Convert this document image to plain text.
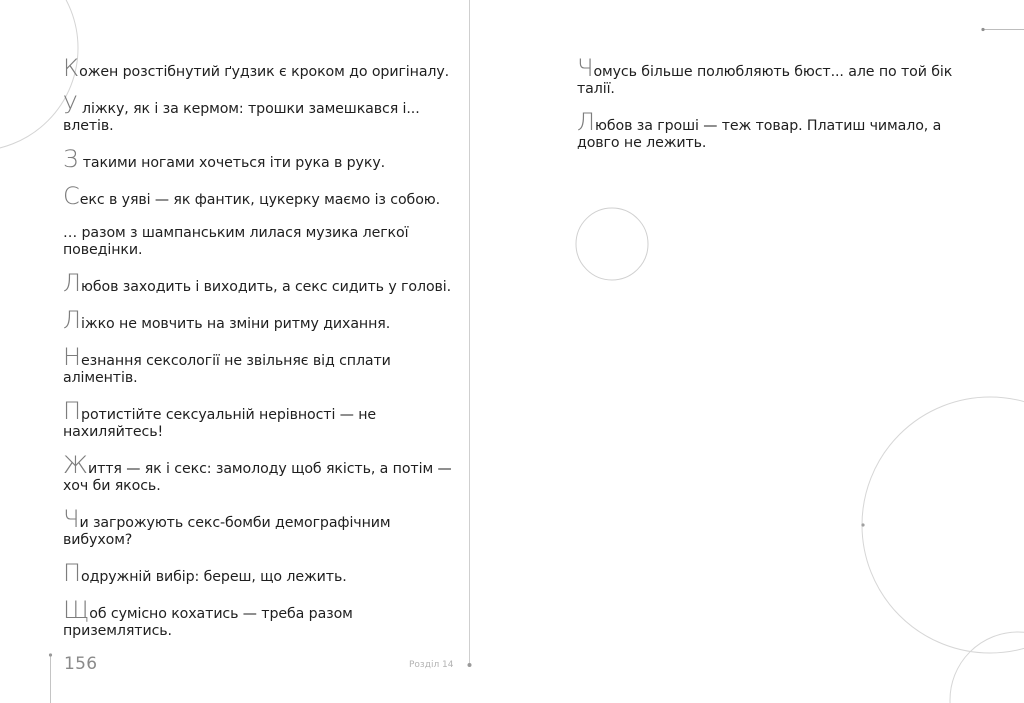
Кожен розстібнутий ґудзик є кроком до оригіналу.

У ліжку, як і за кермом: трошки замешкався і... влетів.

З такими ногами хочеться іти рука в руку.

Секс в уяві — як фантик, цукерку маємо із собою.

… разом з шампанським лилася музика легкої поведінки.

Любов заходить і виходить, а секс сидить у голові.

Ліжко не мовчить на зміни ритму дихання.

Незнання сексології не звільняє від сплати аліментів.

Протистійте сексуальній нерівності — не нахиляйтесь!

Життя — як і секс: замолоду щоб якість, а потім — хоч би якось.

Чи загрожують секс-бомби демографічним вибухом?

Подружній вибір: береш, що лежить.

Щоб сумісно кохатись — треба разом приземлятись.

156	Розділ 14

Чомусь більше полюбляють бюст... але по той бік талії.

Любов за гроші — теж товар. Платиш чимало, а довго не лежить.
